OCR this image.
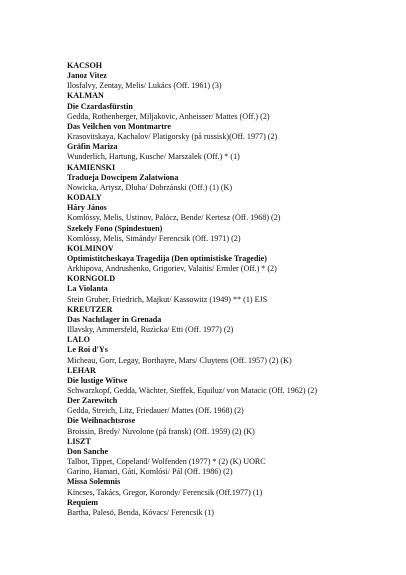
KACSOH
Janoz Vitez
Ilosfalvy, Zentay, Melis/ Lukács (Off. 1961) (3)
KALMAN
Die Czardasfürstin
Gedda, Rothenberger, Miljakovic, Anheisser/ Mattes (Off.) (2)
Das Veilchen von Montmartre
Krasovitskaya, Kachalov/ Platigorsky (på russisk)(Off. 1977) (2)
Gräfin Mariza
Wunderlich, Hartung, Kusche/ Marszalek (Off.) * (1)
KAMIENSKI
Tradueja Dowcipem Zalatwiona
Nowicka, Artysz, Dluha/ Dobrzánski (Off.) (1) (K)
KODALY
Háry János
Komlóssy, Melis, Ustinov, Palócz, Bende/ Kertesz (Off. 1968) (2)
Szekely Fono (Spindestuen)
Komlóssy, Melis, Simándy/ Ferencsik (Off. 1971) (2)
KOLMINOV
Optimistitcheskaya Tragedija (Den optimistiske Tragedie)
Arkhipova, Andrushenko, Grigoriev, Valaitis/ Ermler (Off.) * (2)
KORNGOLD
La Violanta
Stein Gruber, Friedrich, Majkut/ Kassowitz (1949) ** (1) EJS
KREUTZER
Das Nachtlager in Grenada
Illavsky, Ammersfeld, Ruzicka/ Etti (Off. 1977) (2)
LALO
Le Roi d'Ys
Micheau, Gorr, Legay, Borthayre, Mars/ Cluytens (Off. 1957) (2) (K)
LEHAR
Die lustige Witwe
Schwarzkopf, Gedda, Wächter, Steffek, Equiluz/ von Matacic (Off. 1962) (2)
Der Zarewitch
Gedda, Streich, Litz, Friedauer/ Mattes (Off. 1968) (2)
Die Weihnachtsrose
Broissin, Bredy/ Nuvolone (på fransk) (Off. 1959) (2) (K)
LISZT
Don Sanche
Talbot, Tippet, Copeland/ Wolfenden (1977) * (2) (K) UORC
Garino, Hamari, Gáti, Komlósi/ Pál (Off. 1986) (2)
Missa Solemnis
Kincses, Takács, Gregor, Korondy/ Ferencsik (Off.1977) (1)
Requiem
Bartha, Palesö, Benda, Kóvacs/ Ferencsik (1)
